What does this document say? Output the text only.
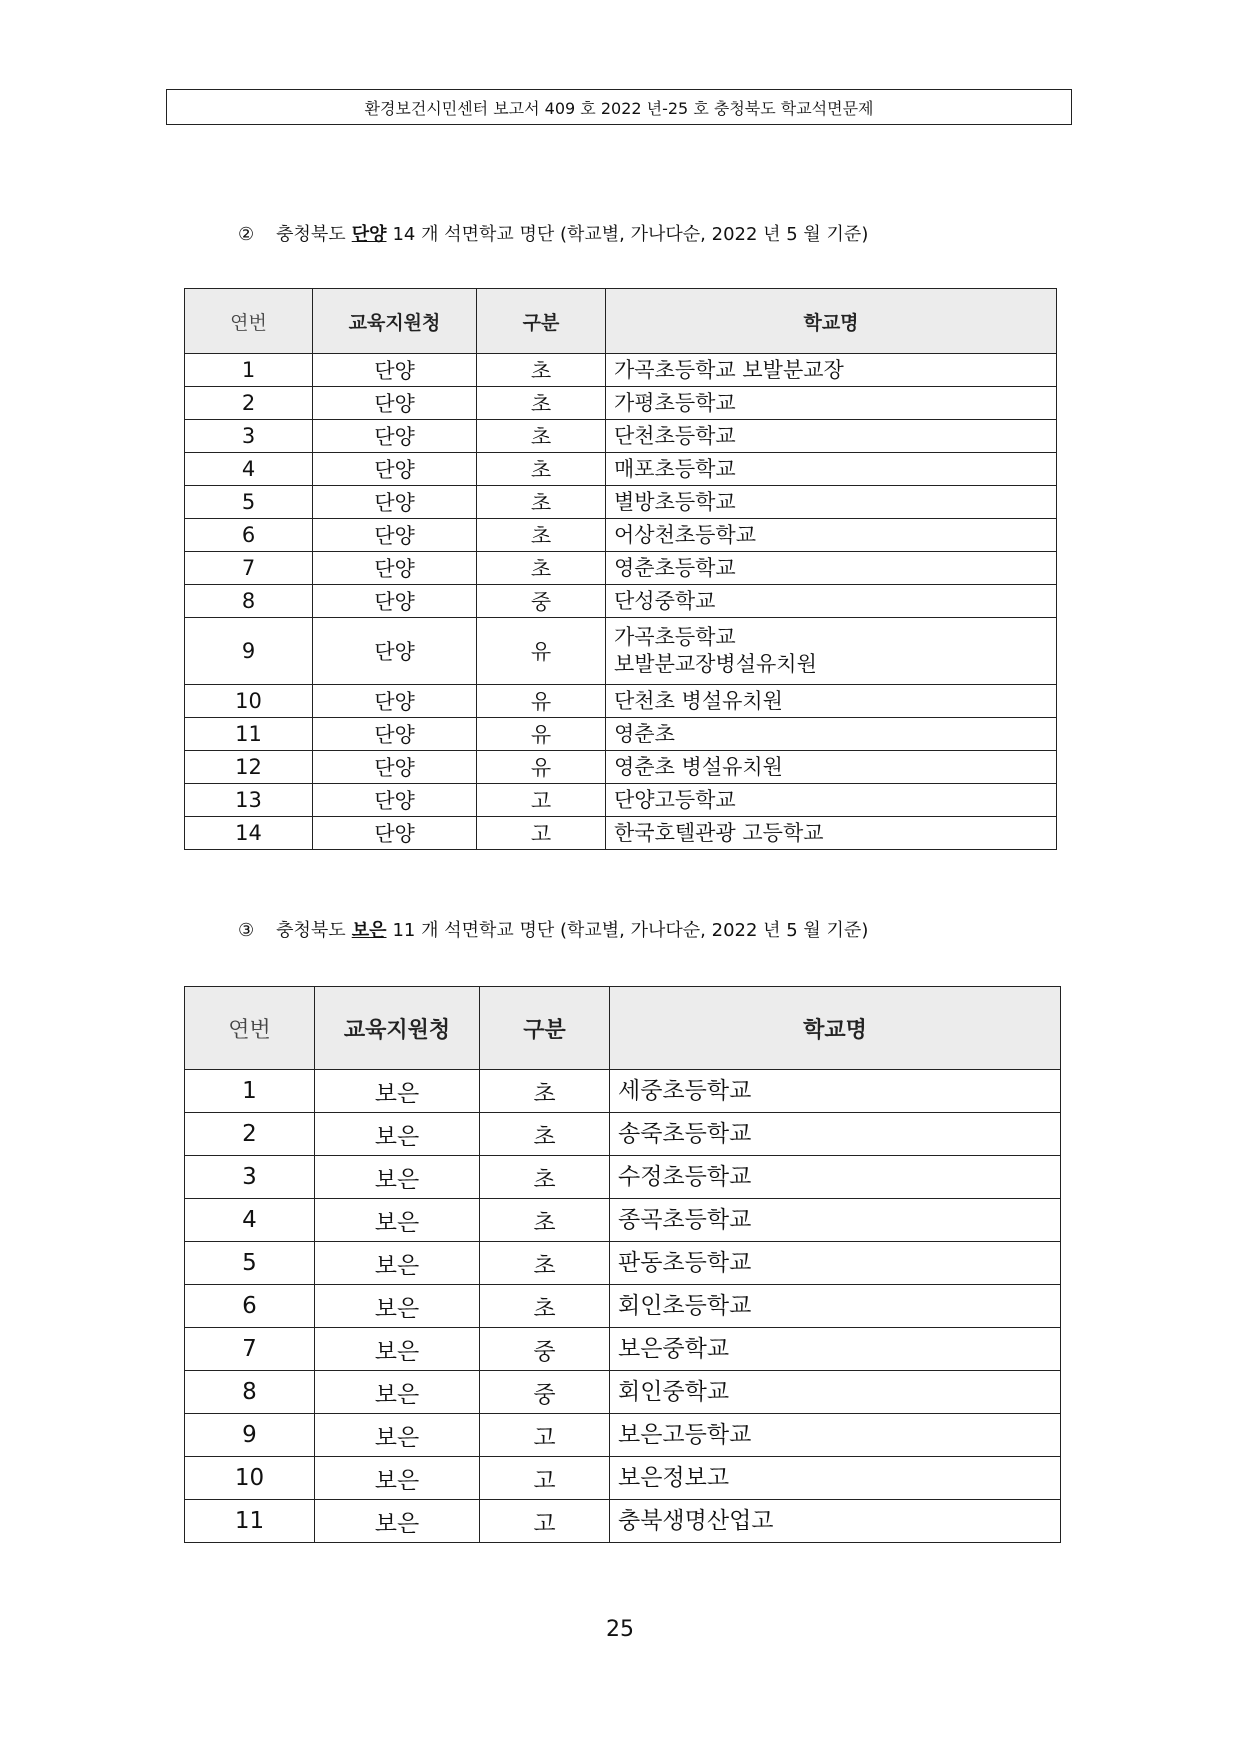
환경보건시민센터 보고서 409 호 2022 년-25 호 충청북도 학교석면문제
② 충청북도 단양 14 개 석면학교 명단 (학교별, 가나다순, 2022 년 5 월 기준)
연번	교육지원청	구분	학교명
1	단양	초	가곡초등학교 보발분교장
2	단양	초	가평초등학교
3	단양	초	단천초등학교
4	단양	초	매포초등학교
5	단양	초	별방초등학교
6	단양	초	어상천초등학교
7	단양	초	영춘초등학교
8	단양	중	단성중학교
9	단양	유	가곡초등학교
보발분교장병설유치원

10	단양	유	단천초 병설유치원
11	단양	유	영춘초
12	단양	유	영춘초 병설유치원
13	단양	고	단양고등학교
14	단양	고	한국호텔관광 고등학교
③ 충청북도 보은 11 개 석면학교 명단 (학교별, 가나다순, 2022 년 5 월 기준)
연번	교육지원청	구분	학교명
1	보은	초	세중초등학교
2	보은	초	송죽초등학교
3	보은	초	수정초등학교
4	보은	초	종곡초등학교
5	보은	초	판동초등학교
6	보은	초	회인초등학교
7	보은	중	보은중학교
8	보은	중	회인중학교
9	보은	고	보은고등학교
10	보은	고	보은정보고
11	보은	고	충북생명산업고
25
